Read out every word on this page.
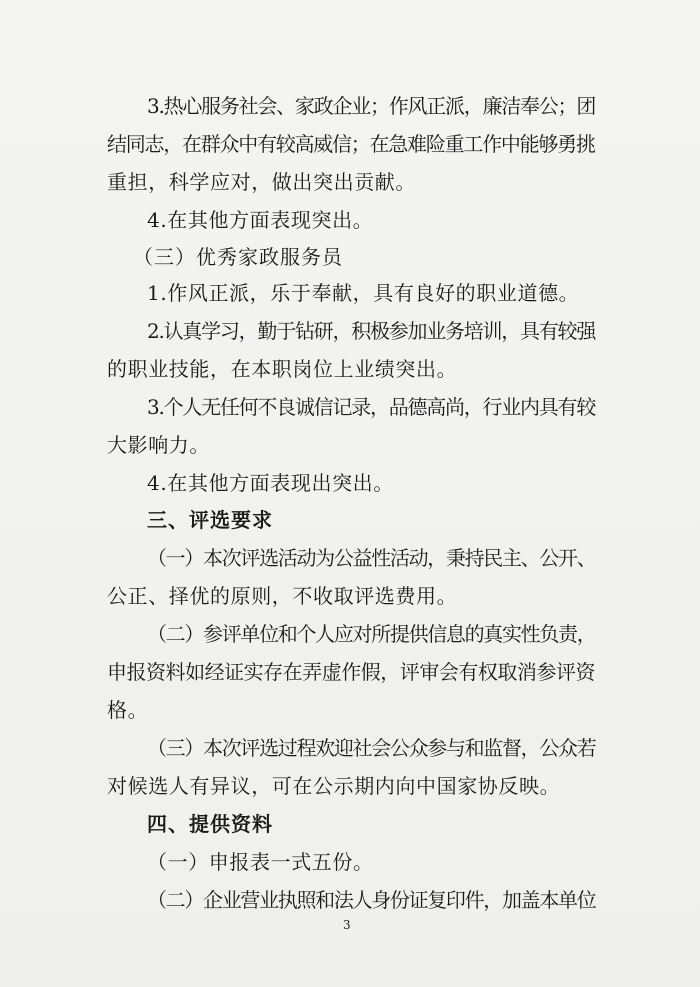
3.热心服务社会、家政企业；作风正派，廉洁奉公；团
结同志，在群众中有较高威信；在急难险重工作中能够勇挑
重担，科学应对，做出突出贡献。
4.在其他方面表现突出。
（三）优秀家政服务员
1.作风正派，乐于奉献，具有良好的职业道德。
2.认真学习，勤于钻研，积极参加业务培训，具有较强
的职业技能，在本职岗位上业绩突出。
3.个人无任何不良诚信记录，品德高尚，行业内具有较
大影响力。
4.在其他方面表现出突出。
三、评选要求
（一）本次评选活动为公益性活动，秉持民主、公开、
公正、择优的原则，不收取评选费用。
（二）参评单位和个人应对所提供信息的真实性负责，
申报资料如经证实存在弄虚作假，评审会有权取消参评资
格。
（三）本次评选过程欢迎社会公众参与和监督，公众若
对候选人有异议，可在公示期内向中国家协反映。
四、提供资料
（一）申报表一式五份。
（二）企业营业执照和法人身份证复印件，加盖本单位
3
